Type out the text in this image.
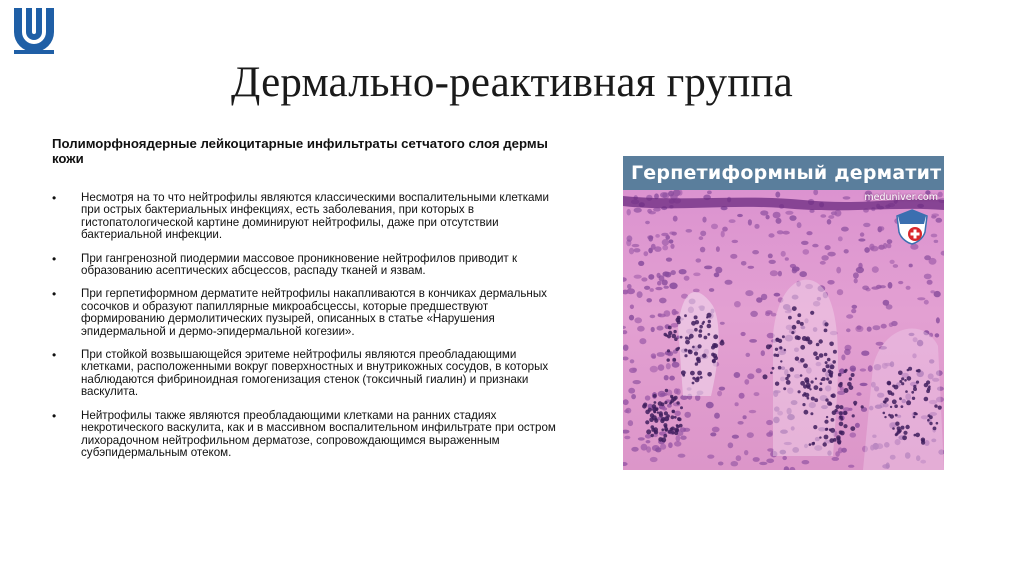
Дермально-реактивная группа
Полиморфноядерные лейкоцитарные инфильтраты сетчатого слоя дермы кожи
• Несмотря на то что нейтрофилы являются классическими воспалительными клетками при острых бактериальных инфекциях, есть заболевания, при которых в гистопатологической картине доминируют нейтрофилы, даже при отсутствии бактериальной инфекции.
• При гангренозной пиодермии массовое проникновение нейтрофилов приводит к образованию асептических абсцессов, распаду тканей и язвам.
• При герпетиформном дерматите нейтрофилы накапливаются в кончиках дермальных сосочков и образуют папиллярные микроабсцессы, которые предшествуют формированию дермолитических пузырей, описанных в статье «Нарушения эпидермальной и дермо-эпидермальной когезии».
• При стойкой возвышающейся эритеме нейтрофилы являются преобладающими клетками, расположенными вокруг поверхностных и внутрикожных сосудов, в которых наблюдаются фибриноидная гомогенизация стенок (токсичный гиалин) и признаки васкулита.
• Нейтрофилы также являются преобладающими клетками на ранних стадиях некротического васкулита, как и в массивном воспалительном инфильтрате при остром лихорадочном нейтрофильном дерматозе, сопровождающимся выраженным субэпидермальным отеком.
Герпетиформный дерматит
meduniver.com
